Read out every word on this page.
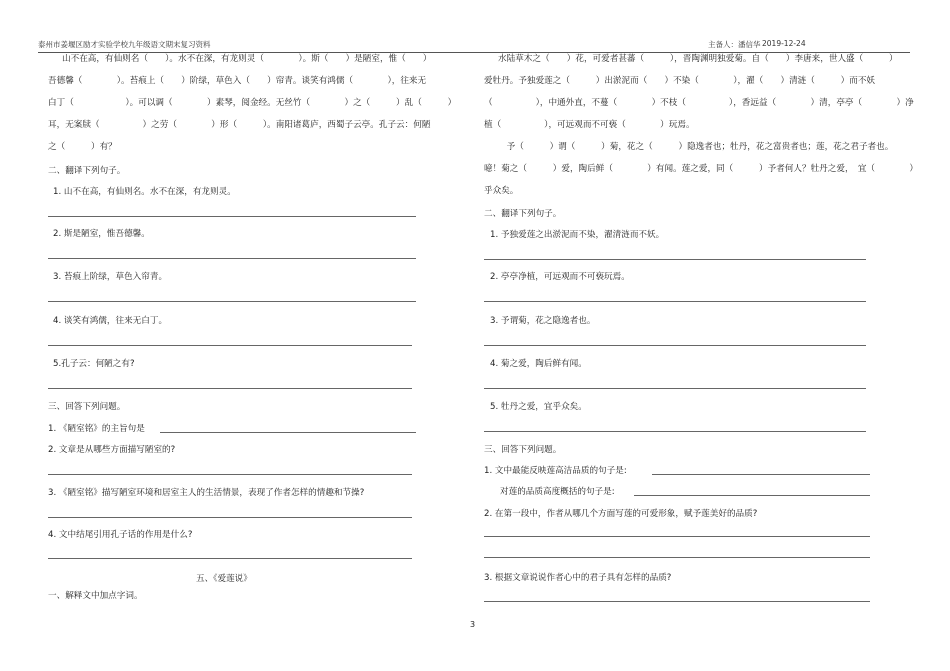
泰州市姜堰区励才实验学校九年级语文期末复习资料	主备人：潘信华 2019-12-24
山不在高，有仙则名（　　）。水不在深，有龙则灵（　　　　）。斯（　　）是陋室，惟（　　）
吾德馨（　　　　）。苔痕上（　　）阶绿，草色入（　　）帘青。谈笑有鸿儒（　　　　），往来无
白丁（　　　　　　）。可以调（　　　　）素琴，阅金经。无丝竹（　　　　）之（　　　）乱（　　　）
耳，无案牍（　　　　　）之劳（　　　　）形（　　　）。南阳诸葛庐，西蜀子云亭。孔子云：何陋
之（　　　）有？
二、翻译下列句子。
1. 山不在高，有仙则名。水不在深，有龙则灵。
2. 斯是陋室，惟吾德馨。
3. 苔痕上阶绿，草色入帘青。
4. 谈笑有鸿儒，往来无白丁。
5.孔子云：何陋之有?
三、回答下列问题。
1. 《陋室铭》的主旨句是
2. 文章是从哪些方面描写陋室的?
3. 《陋室铭》描写陋室环境和居室主人的生活情景，表现了作者怎样的情趣和节操?
4. 文中结尾引用孔子话的作用是什么?
五、《爱莲说》
一、解释文中加点字词。
水陆草木之（　　）花，可爱者甚蕃（　　　），晋陶渊明独爱菊。自（　　）李唐来，世人盛（　　　）
爱牡丹。予独爱莲之（　　　）出淤泥而（　　）不染（　　　　），濯（　　）清涟（　　　）而不妖
（　　　　　），中通外直，不蔓（　　　　）不枝（　　　　　），香远益（　　　　）清，亭亭（　　　　）净
植（　　　　　），可远观而不可亵（　　　　）玩焉。
　予（　　　）谓（　　　）菊，花之（　　　）隐逸者也；牡丹，花之富贵者也；莲，花之君子者也。
噫！菊之（　　　）爱，陶后鲜（　　　　）有闻。莲之爱，同（　　　）予者何人？牡丹之爱，　宜（　　　　）
乎众矣。
二、翻译下列句子。
1. 予独爱莲之出淤泥而不染，濯清涟而不妖。
2. 亭亭净植，可远观而不可亵玩焉。
3. 予谓菊，花之隐逸者也。
4. 菊之爱，陶后鲜有闻。
5. 牡丹之爱，宜乎众矣。
三、回答下列问题。
1. 文中最能反映莲高洁品质的句子是:
对莲的品质高度概括的句子是:
2. 在第一段中，作者从哪几个方面写莲的可爱形象，赋予莲美好的品质?
3. 根据文章说说作者心中的君子具有怎样的品质?
3
